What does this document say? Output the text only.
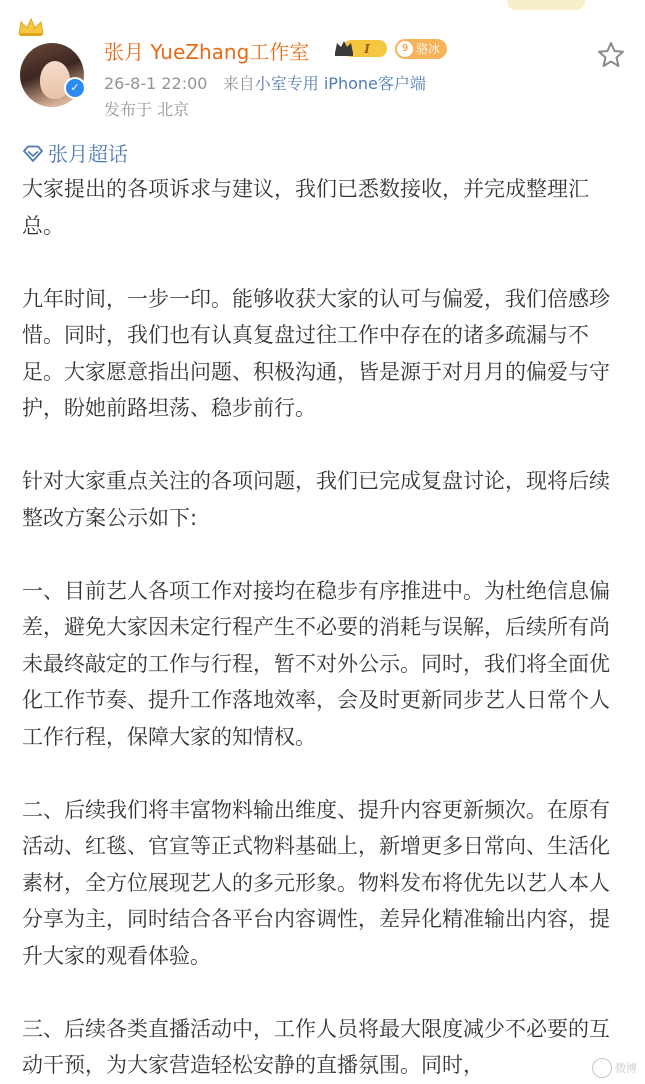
✓
张月 YueZhang工作室	I	9 骆冰
26-8-1 22:00 来自小室专用 iPhone客户端
发布于 北京
张月超话

大家提出的各项诉求与建议，我们已悉数接收，并完成整理汇总。

九年时间，一步一印。能够收获大家的认可与偏爱，我们倍感珍惜。同时，我们也有认真复盘过往工作中存在的诸多疏漏与不足。大家愿意指出问题、积极沟通，皆是源于对月月的偏爱与守护，盼她前路坦荡、稳步前行。

针对大家重点关注的各项问题，我们已完成复盘讨论，现将后续整改方案公示如下:

一、目前艺人各项工作对接均在稳步有序推进中。为杜绝信息偏差，避免大家因未定行程产生不必要的消耗与误解，后续所有尚未最终敲定的工作与行程，暂不对外公示。同时，我们将全面优化工作节奏、提升工作落地效率，会及时更新同步艺人日常个人工作行程，保障大家的知情权。

二、后续我们将丰富物料输出维度、提升内容更新频次。在原有活动、红毯、官宣等正式物料基础上，新增更多日常向、生活化素材，全方位展现艺人的多元形象。物料发布将优先以艺人本人分享为主，同时结合各平台内容调性，差异化精准输出内容，提升大家的观看体验。

三、后续各类直播活动中，工作人员将最大限度减少不必要的互动干预，为大家营造轻松安静的直播氛围。同时，	微博
